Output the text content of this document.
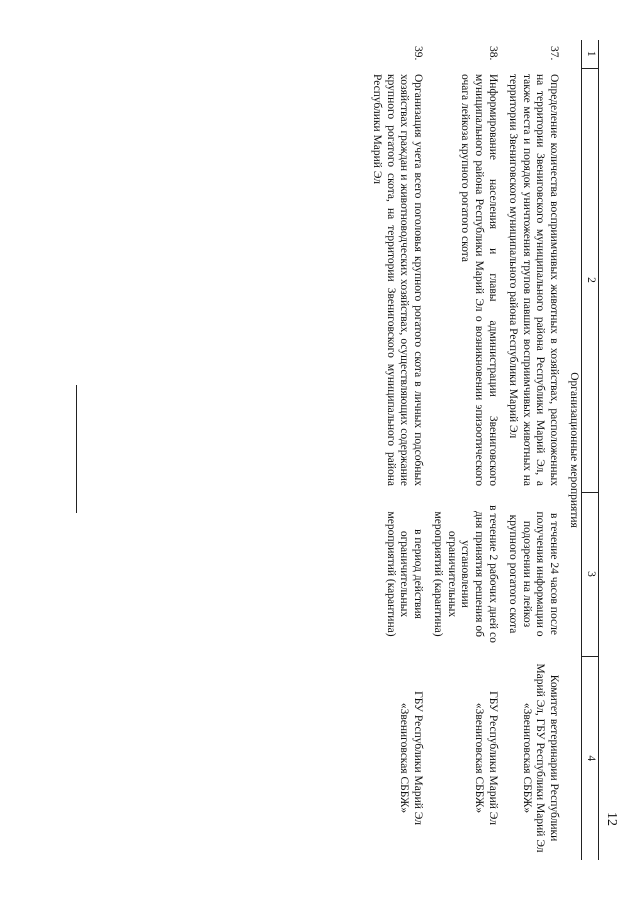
12
1	2	3	4
Организационные мероприятия			
37.	Определение количества восприимчивых животных в хозяйствах, расположенных на территории Звениговского муниципального района Республики Марий Эл, а также места и порядок уничтожения трупов павших восприимчивых животных на территории Звениговского муниципального района Республики Марий Эл	в течение 24 часов после получения информации о подозрении на лейкоз крупного рогатого скота	Комитет ветеринарии Республики Марий Эл, ГБУ Республики Марий Эл «Звениговская СББЖ»
38.	Информирование населения и главы администрации Звениговского муниципального района Республики Марий Эл о возникновении эпизоотического очага лейкоза крупного рогатого скота	в течение 2 рабочих дней со дня принятия решения об установлении ограничительных мероприятий (карантина)	ГБУ Республики Марий Эл «Звениговская СББЖ»
39.	Организация учета всего поголовья крупного рогатого скота в личных подсобных хозяйствах граждан и животноводческих хозяйствах, осуществляющих содержание крупного рогатого скота, на территории Звениговского муниципального района Республики Марий Эл	в период действия ограничительных мероприятий (карантина)	ГБУ Республики Марий Эл «Звениговская СББЖ»
